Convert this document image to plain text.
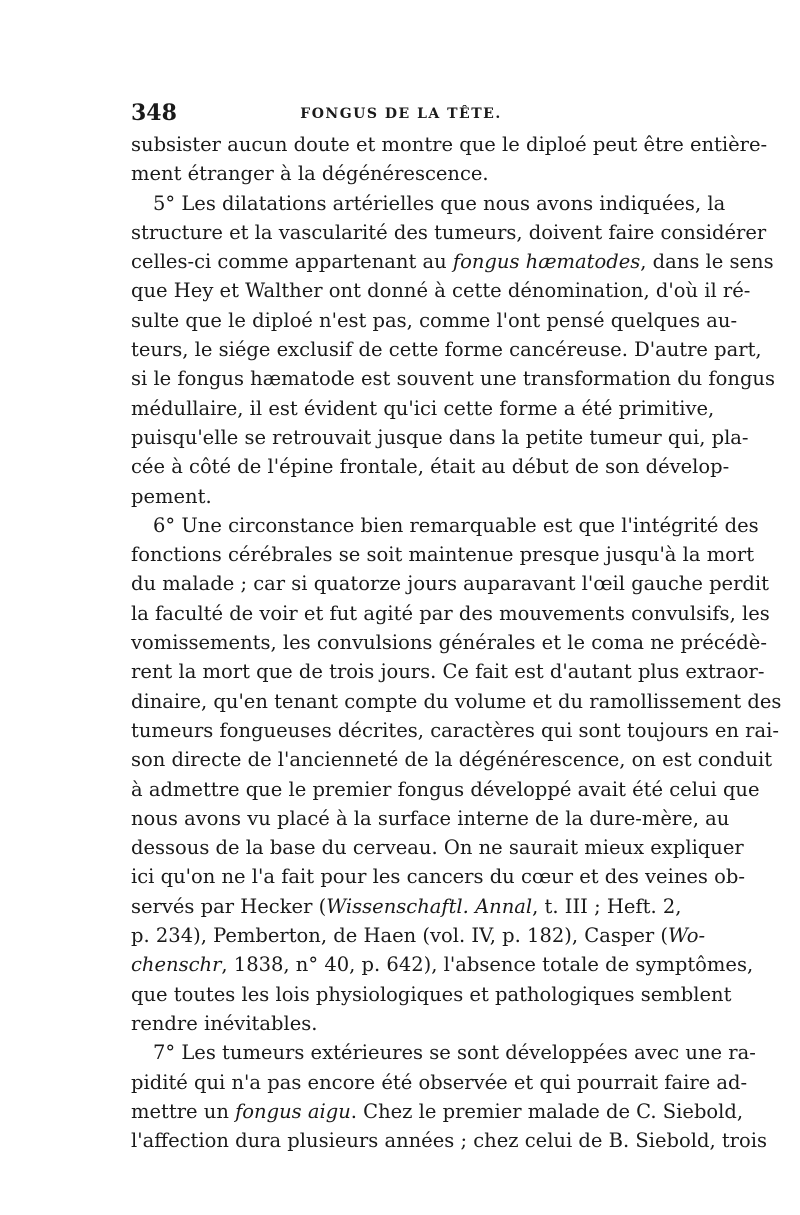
348	FONGUS DE LA TÊTE.
subsister aucun doute et montre que le diploé peut être entière-
ment étranger à la dégénérescence.
5° Les dilatations artérielles que nous avons indiquées, la
structure et la vascularité des tumeurs, doivent faire considérer
celles-ci comme appartenant au fongus hæmatodes, dans le sens
que Hey et Walther ont donné à cette dénomination, d'où il ré-
sulte que le diploé n'est pas, comme l'ont pensé quelques au-
teurs, le siége exclusif de cette forme cancéreuse. D'autre part,
si le fongus hæmatode est souvent une transformation du fongus
médullaire, il est évident qu'ici cette forme a été primitive,
puisqu'elle se retrouvait jusque dans la petite tumeur qui, pla-
cée à côté de l'épine frontale, était au début de son dévelop-
pement.
6° Une circonstance bien remarquable est que l'intégrité des
fonctions cérébrales se soit maintenue presque jusqu'à la mort
du malade ; car si quatorze jours auparavant l'œil gauche perdit
la faculté de voir et fut agité par des mouvements convulsifs, les
vomissements, les convulsions générales et le coma ne précédè-
rent la mort que de trois jours. Ce fait est d'autant plus extraor-
dinaire, qu'en tenant compte du volume et du ramollissement des
tumeurs fongueuses décrites, caractères qui sont toujours en rai-
son directe de l'ancienneté de la dégénérescence, on est conduit
à admettre que le premier fongus développé avait été celui que
nous avons vu placé à la surface interne de la dure-mère, au
dessous de la base du cerveau. On ne saurait mieux expliquer
ici qu'on ne l'a fait pour les cancers du cœur et des veines ob-
servés par Hecker (Wissenschaftl. Annal, t. III ; Heft. 2,
p. 234), Pemberton, de Haen (vol. IV, p. 182), Casper (Wo-
chenschr, 1838, n° 40, p. 642), l'absence totale de symptômes,
que toutes les lois physiologiques et pathologiques semblent
rendre inévitables.
7° Les tumeurs extérieures se sont développées avec une ra-
pidité qui n'a pas encore été observée et qui pourrait faire ad-
mettre un fongus aigu. Chez le premier malade de C. Siebold,
l'affection dura plusieurs années ; chez celui de B. Siebold, trois
